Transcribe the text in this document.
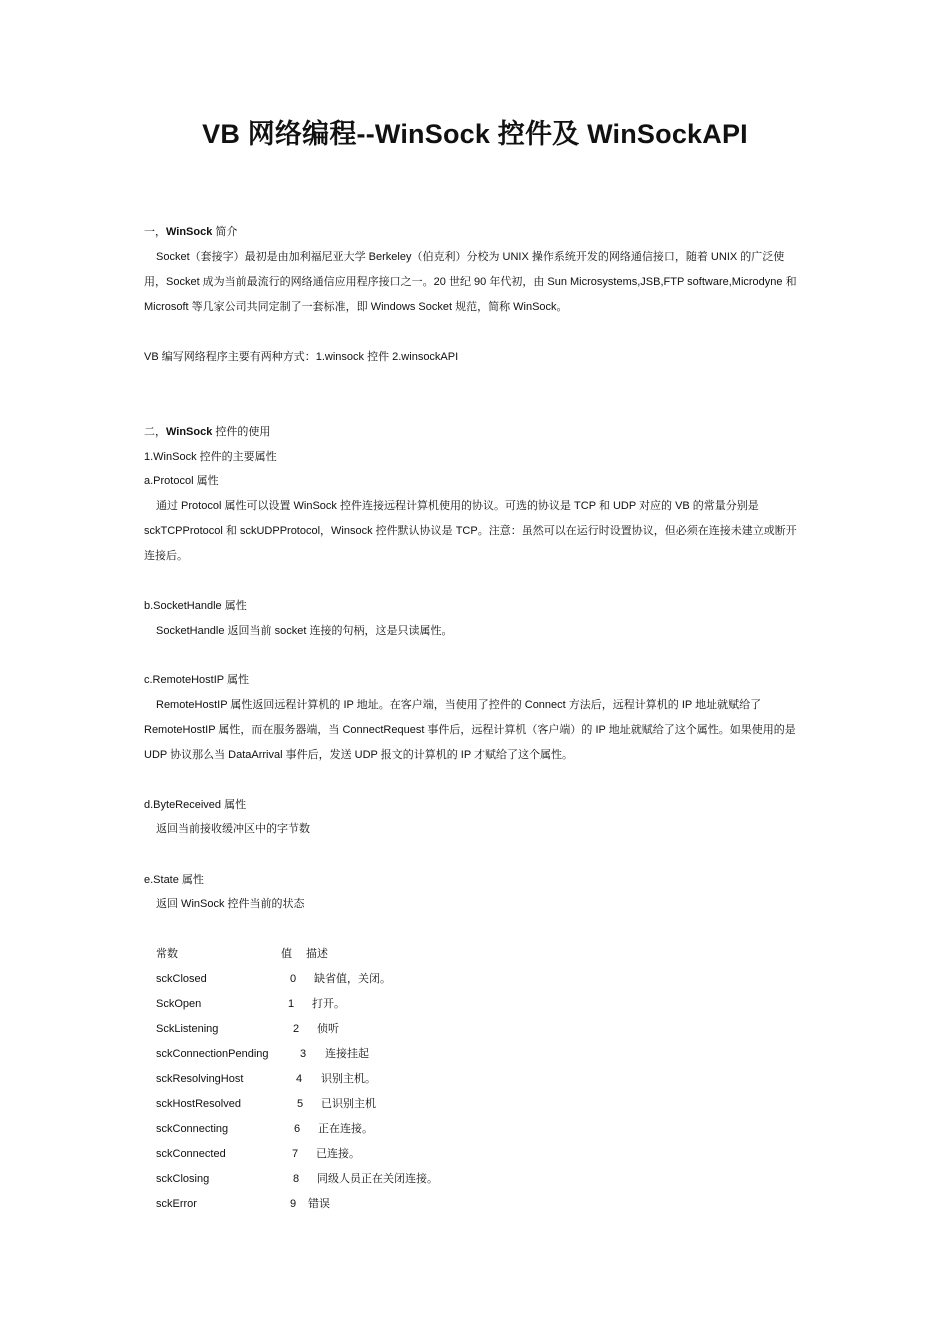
VB 网络编程--WinSock 控件及 WinSockAPI
一，WinSock 简介
Socket（套接字）最初是由加利福尼亚大学 Berkeley（伯克利）分校为 UNIX 操作系统开发的网络通信接口，随着 UNIX 的广泛使
用，Socket 成为当前最流行的网络通信应用程序接口之一。20 世纪 90 年代初，由 Sun Microsystems,JSB,FTP software,Microdyne 和
Microsoft 等几家公司共同定制了一套标准，即 Windows Socket 规范，简称 WinSock。
VB 编写网络程序主要有两种方式：1.winsock 控件 2.winsockAPI
二，WinSock 控件的使用
1.WinSock 控件的主要属性
a.Protocol 属性
通过 Protocol 属性可以设置 WinSock 控件连接远程计算机使用的协议。可选的协议是 TCP 和 UDP 对应的 VB 的常量分别是
sckTCPProtocol 和 sckUDPProtocol，Winsock 控件默认协议是 TCP。注意：虽然可以在运行时设置协议，但必须在连接未建立或断开
连接后。
b.SocketHandle 属性
SocketHandle 返回当前 socket 连接的句柄，这是只读属性。
c.RemoteHostIP 属性
RemoteHostIP 属性返回远程计算机的 IP 地址。在客户端，当使用了控件的 Connect 方法后，远程计算机的 IP 地址就赋给了
RemoteHostIP 属性，而在服务器端，当 ConnectRequest 事件后，远程计算机（客户端）的 IP 地址就赋给了这个属性。如果使用的是
UDP 协议那么当 DataArrival 事件后，发送 UDP 报文的计算机的 IP 才赋给了这个属性。
d.ByteReceived 属性
返回当前接收缓冲区中的字节数
e.State 属性
返回 WinSock 控件当前的状态
常数	值 描述
sckClosed	0 缺省值，关闭。
SckOpen	1 打开。
SckListening	2 侦听
sckConnectionPending	3 连接挂起
sckResolvingHost	4 识别主机。
sckHostResolved	5 已识别主机
sckConnecting	6 正在连接。
sckConnected	7 已连接。
sckClosing	8 同级人员正在关闭连接。
sckError	9 错误
